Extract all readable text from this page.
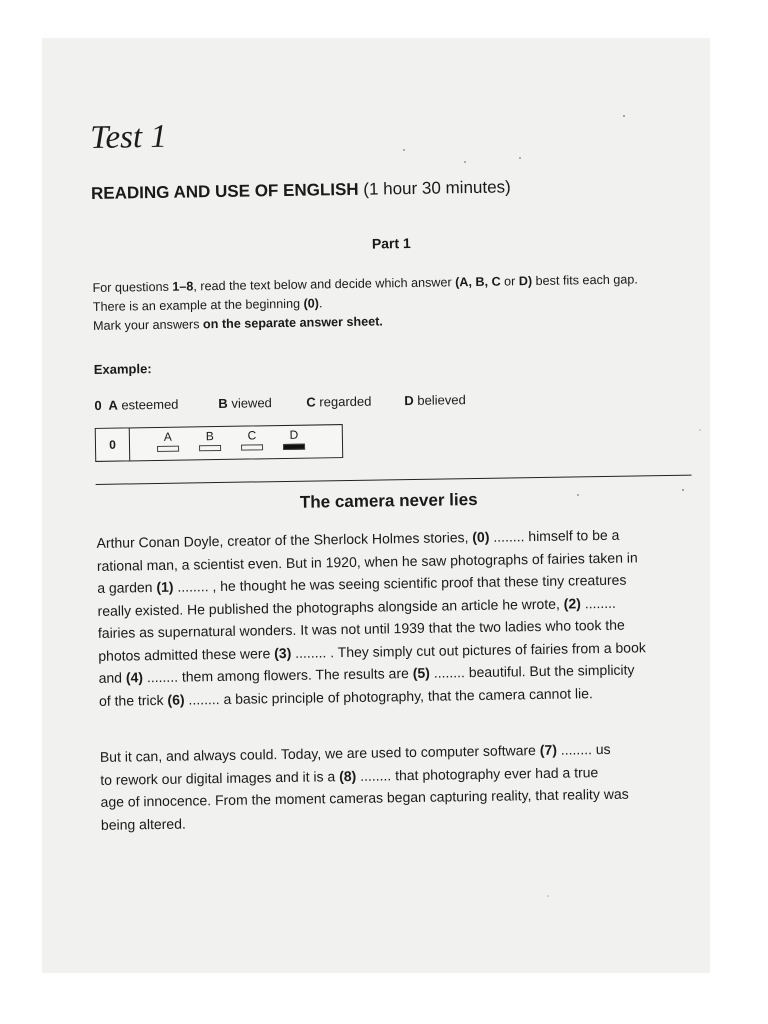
Test 1
READING AND USE OF ENGLISH (1 hour 30 minutes)
Part 1
For questions 1–8, read the text below and decide which answer (A, B, C or D) best fits each gap.
There is an example at the beginning (0).
Mark your answers on the separate answer sheet.
Example:
0 A esteemed	B viewed	C regarded	D believed
0
A	B	C	D
The camera never lies
Arthur Conan Doyle, creator of the Sherlock Holmes stories, (0) ........ himself to be a
rational man, a scientist even. But in 1920, when he saw photographs of fairies taken in
a garden (1) ........ , he thought he was seeing scientific proof that these tiny creatures
really existed. He published the photographs alongside an article he wrote, (2) ........
fairies as supernatural wonders. It was not until 1939 that the two ladies who took the
photos admitted these were (3) ........ . They simply cut out pictures of fairies from a book
and (4) ........ them among flowers. The results are (5) ........ beautiful. But the simplicity
of the trick (6) ........ a basic principle of photography, that the camera cannot lie.
But it can, and always could. Today, we are used to computer software (7) ........ us
to rework our digital images and it is a (8) ........ that photography ever had a true
age of innocence. From the moment cameras began capturing reality, that reality was
being altered.
